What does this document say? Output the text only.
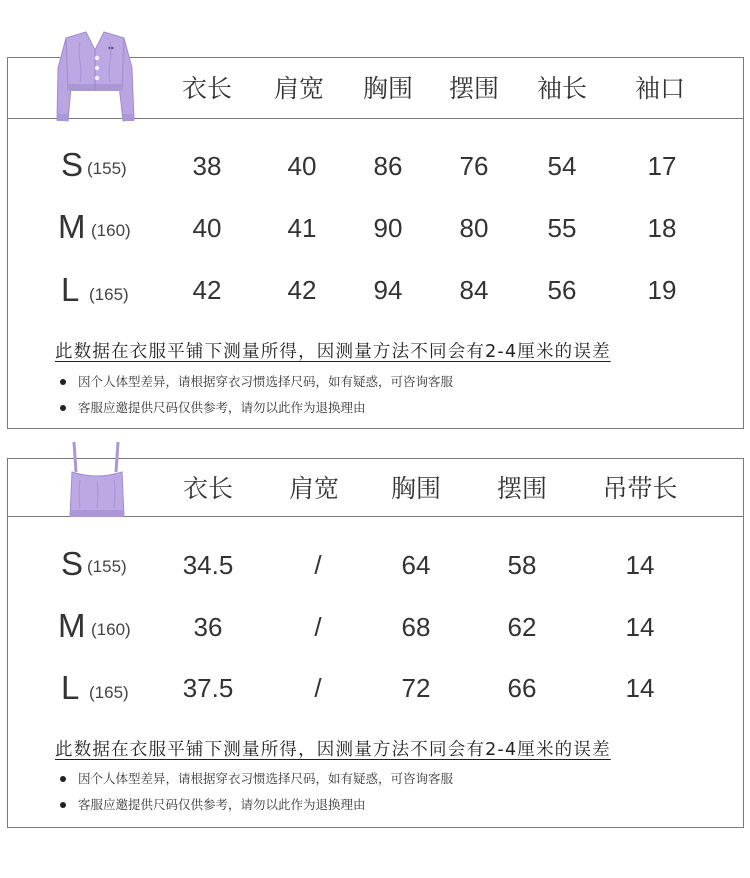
衣长 肩宽 胸围 摆围 袖长 袖口
S (155)	38	40 86 76 54	17
M (160) 40	41 90 80 55	18
L (165) 42	42 94 84 56	19
此数据在衣服平铺下测量所得，因测量方法不同会有2-4厘米的误差
因个人体型差异，请根据穿衣习惯选择尺码，如有疑惑，可咨询客服
客服应邀提供尺码仅供参考，请勿以此作为退换理由
衣长 肩宽 胸围 摆围 吊带长
S (155) 34.5	/	64	58	14
M (160) 36	/	68	62	14
L (165) 37.5	/	72	66	14
此数据在衣服平铺下测量所得，因测量方法不同会有2-4厘米的误差
因个人体型差异，请根据穿衣习惯选择尺码，如有疑惑，可咨询客服
客服应邀提供尺码仅供参考，请勿以此作为退换理由
